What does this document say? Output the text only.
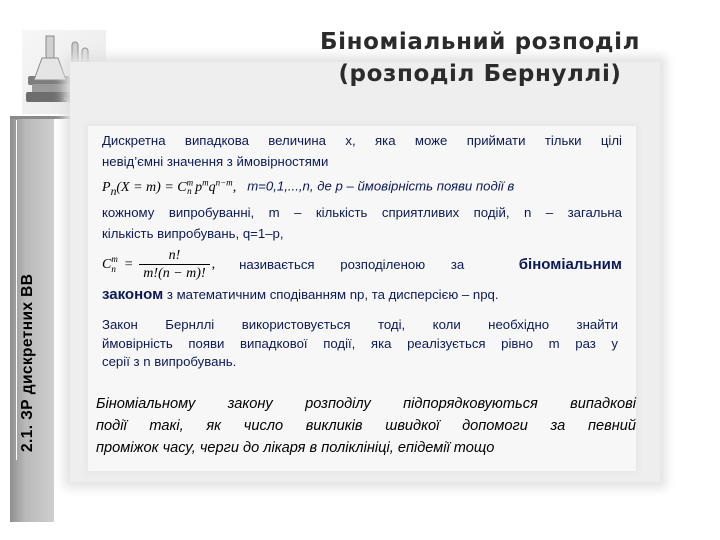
2.1. ЗР дискретних ВВ
Біноміальний розподіл
(розподіл Бернуллі)
Дискретна випадкова величина x, яка може приймати тільки цілі
невід’ємні значення з ймовірностями
$P_n(X = m) = C^m_n$ $p^mq^{n-m}$, m=0,1,...,n, де p – ймовірність появи події в
кожному випробуванні, m – кількість сприятливих подій, n – загальна
кількість випробувань, q=1–p,
C m
$n = \frac{n!}{m!(n - m)!}$ , називається розподіленою за	біноміальним
законом з математичним сподіванням np, та дисперсією – npq.
Закон Бернллі використовується тоді, коли необхідно знайти
ймовірність появи випадкової події, яка реалізується рівно m раз у
серії з n випробувань.
Біноміальному закону розподілу підпорядковуються випадкові
події такі, як число викликів швидкої допомоги за певний
проміжок часу, черги до лікаря в поліклініці, епідемії тощо
